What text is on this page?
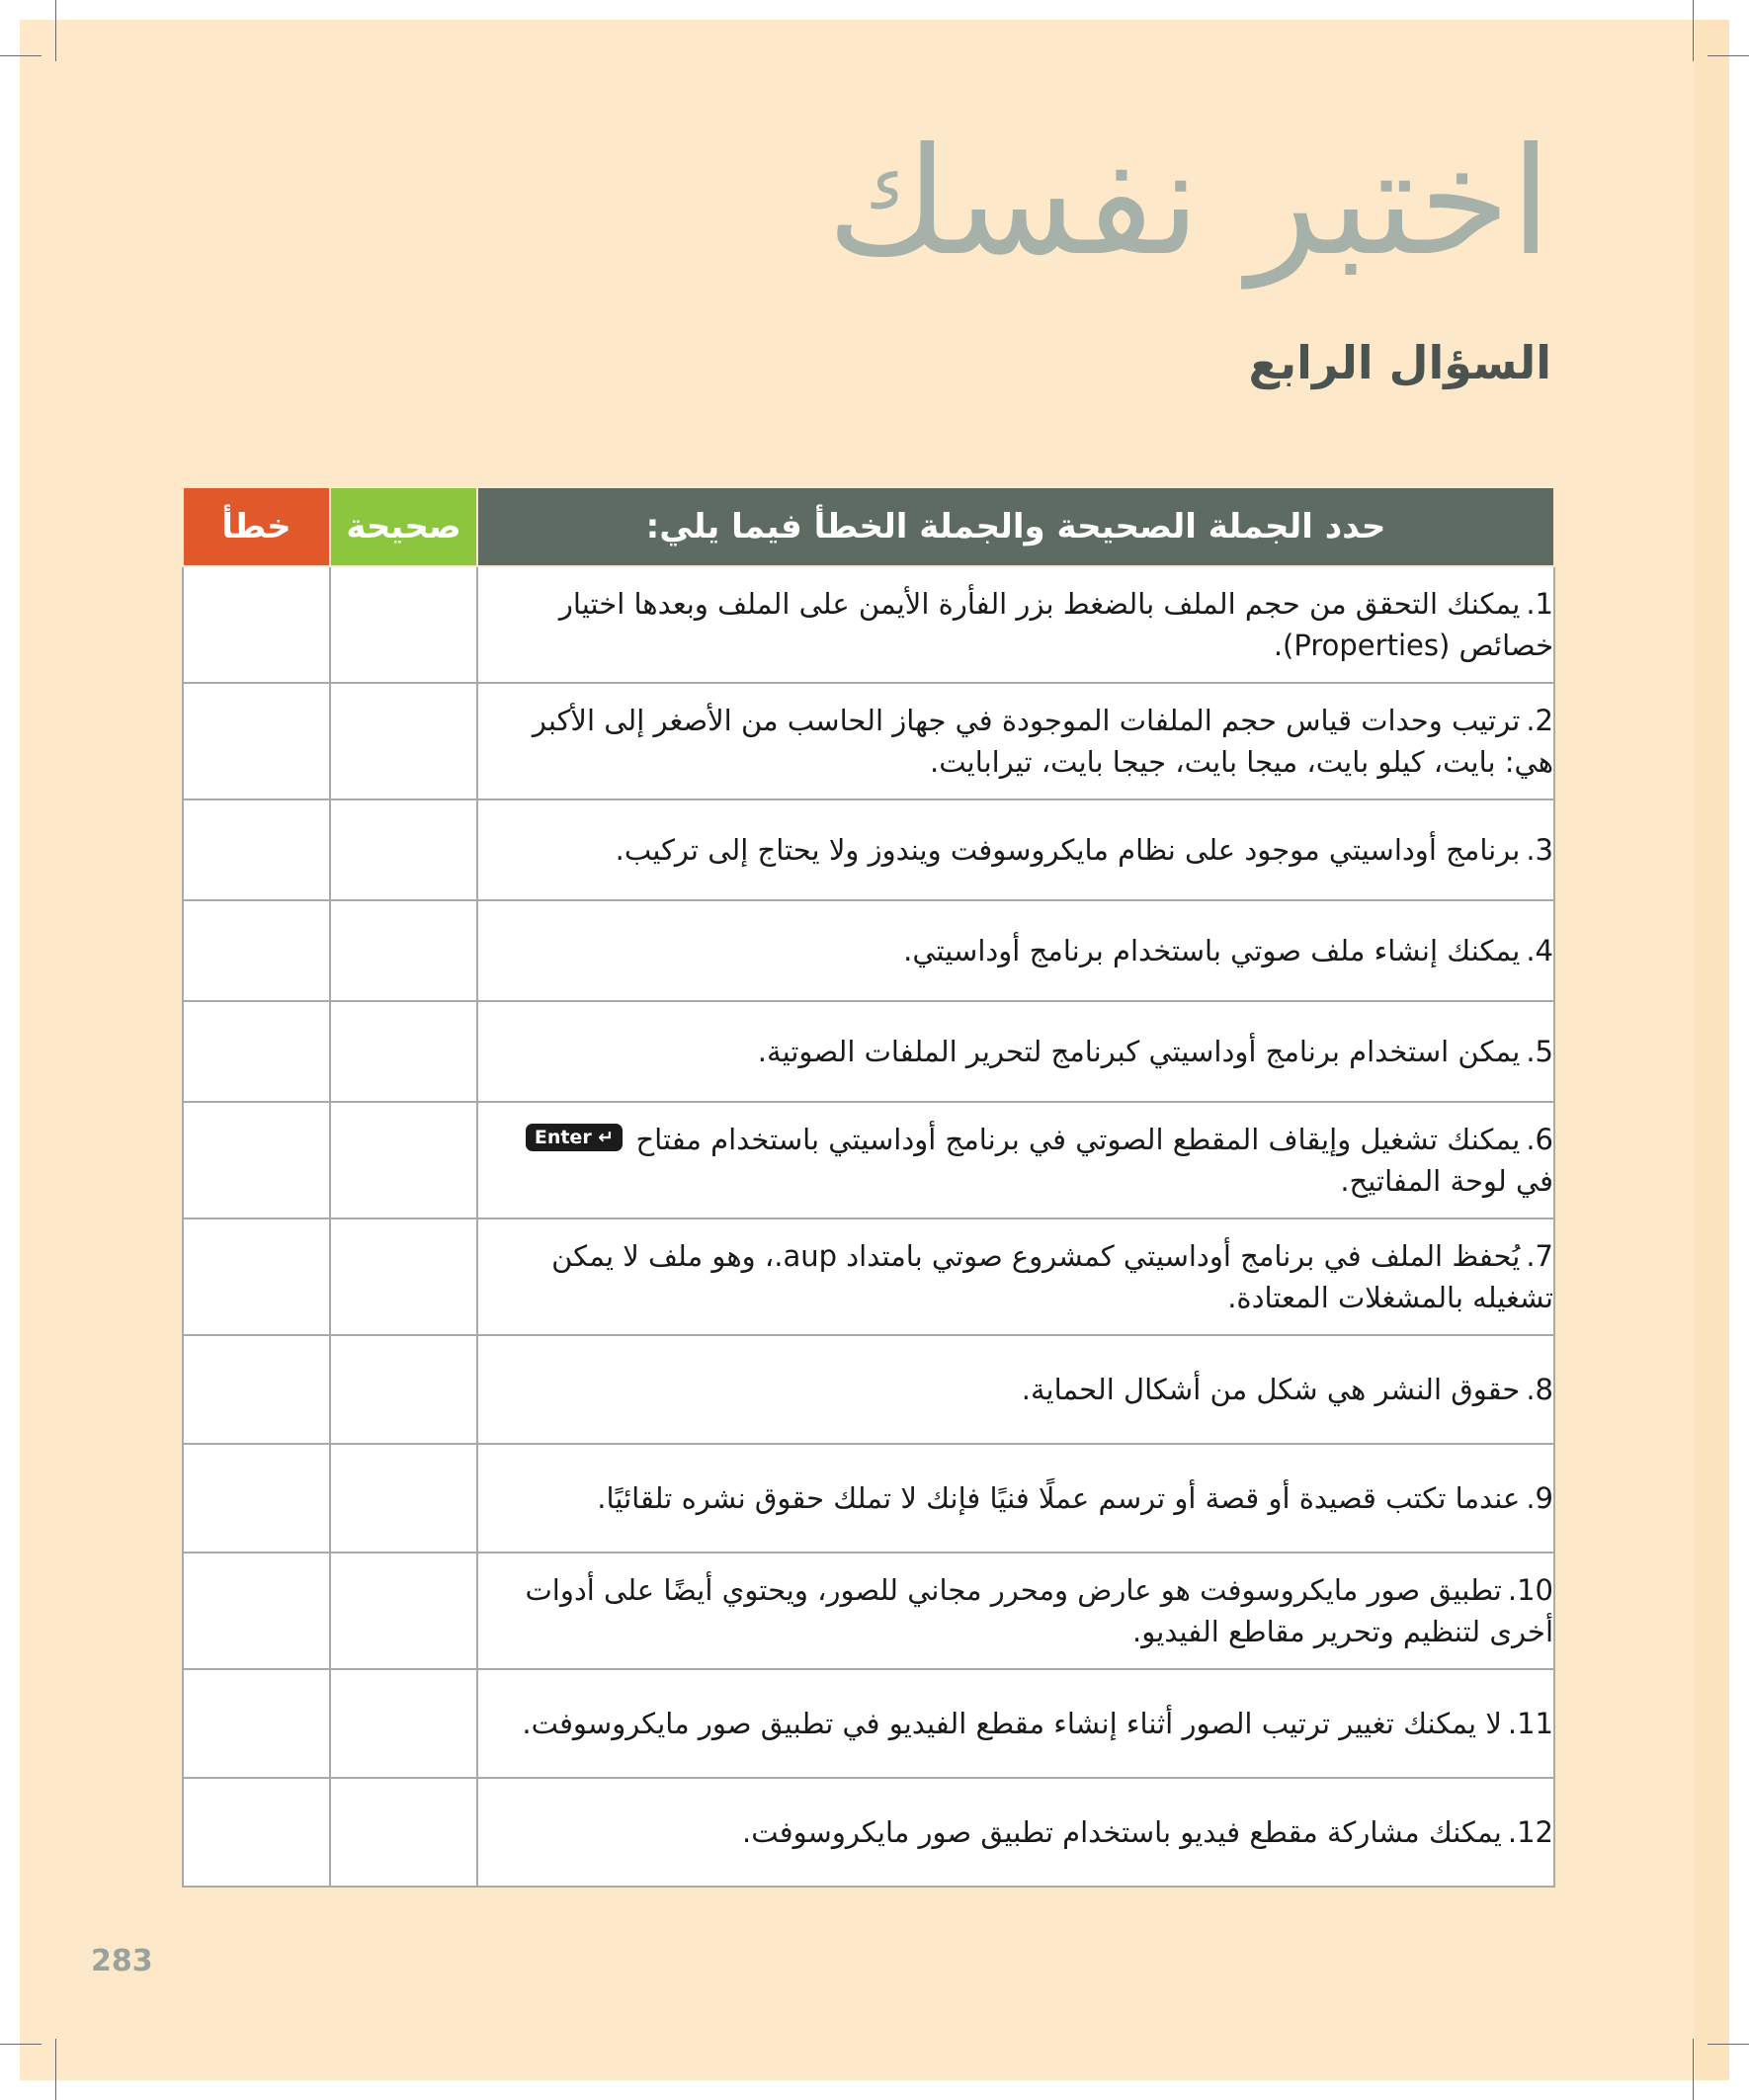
اختبر نفسك
السؤال الرابع
حدد الجملة الصحيحة والجملة الخطأ فيما يلي:	صحيحة	خطأ
1.يمكنك التحقق من حجم الملف بالضغط بزر الفأرة الأيمن على الملف وبعدها اختيار خصائص (Properties).		
2.ترتيب وحدات قياس حجم الملفات الموجودة في جهاز الحاسب من الأصغر إلى الأكبر هي: بايت، كيلو بايت، ميجا بايت، جيجا بايت، تيرابايت.		
3.برنامج أوداسيتي موجود على نظام مايكروسوفت ويندوز ولا يحتاج إلى تركيب.		
4.يمكنك إنشاء ملف صوتي باستخدام برنامج أوداسيتي.		
5.يمكن استخدام برنامج أوداسيتي كبرنامج لتحرير الملفات الصوتية.		
6.يمكنك تشغيل وإيقاف المقطع الصوتي في برنامج أوداسيتي باستخدام مفتاح Enter ↵ في لوحة المفاتيح.		
7.يُحفظ الملف في برنامج أوداسيتي كمشروع صوتي بامتداد aup.، وهو ملف لا يمكن تشغيله بالمشغلات المعتادة.		
8.حقوق النشر هي شكل من أشكال الحماية.		
9.عندما تكتب قصيدة أو قصة أو ترسم عملًا فنيًا فإنك لا تملك حقوق نشره تلقائيًا.		
10.تطبيق صور مايكروسوفت هو عارض ومحرر مجاني للصور، ويحتوي أيضًا على أدوات أخرى لتنظيم وتحرير مقاطع الفيديو.		
11.لا يمكنك تغيير ترتيب الصور أثناء إنشاء مقطع الفيديو في تطبيق صور مايكروسوفت.		
12.يمكنك مشاركة مقطع فيديو باستخدام تطبيق صور مايكروسوفت.		

283
